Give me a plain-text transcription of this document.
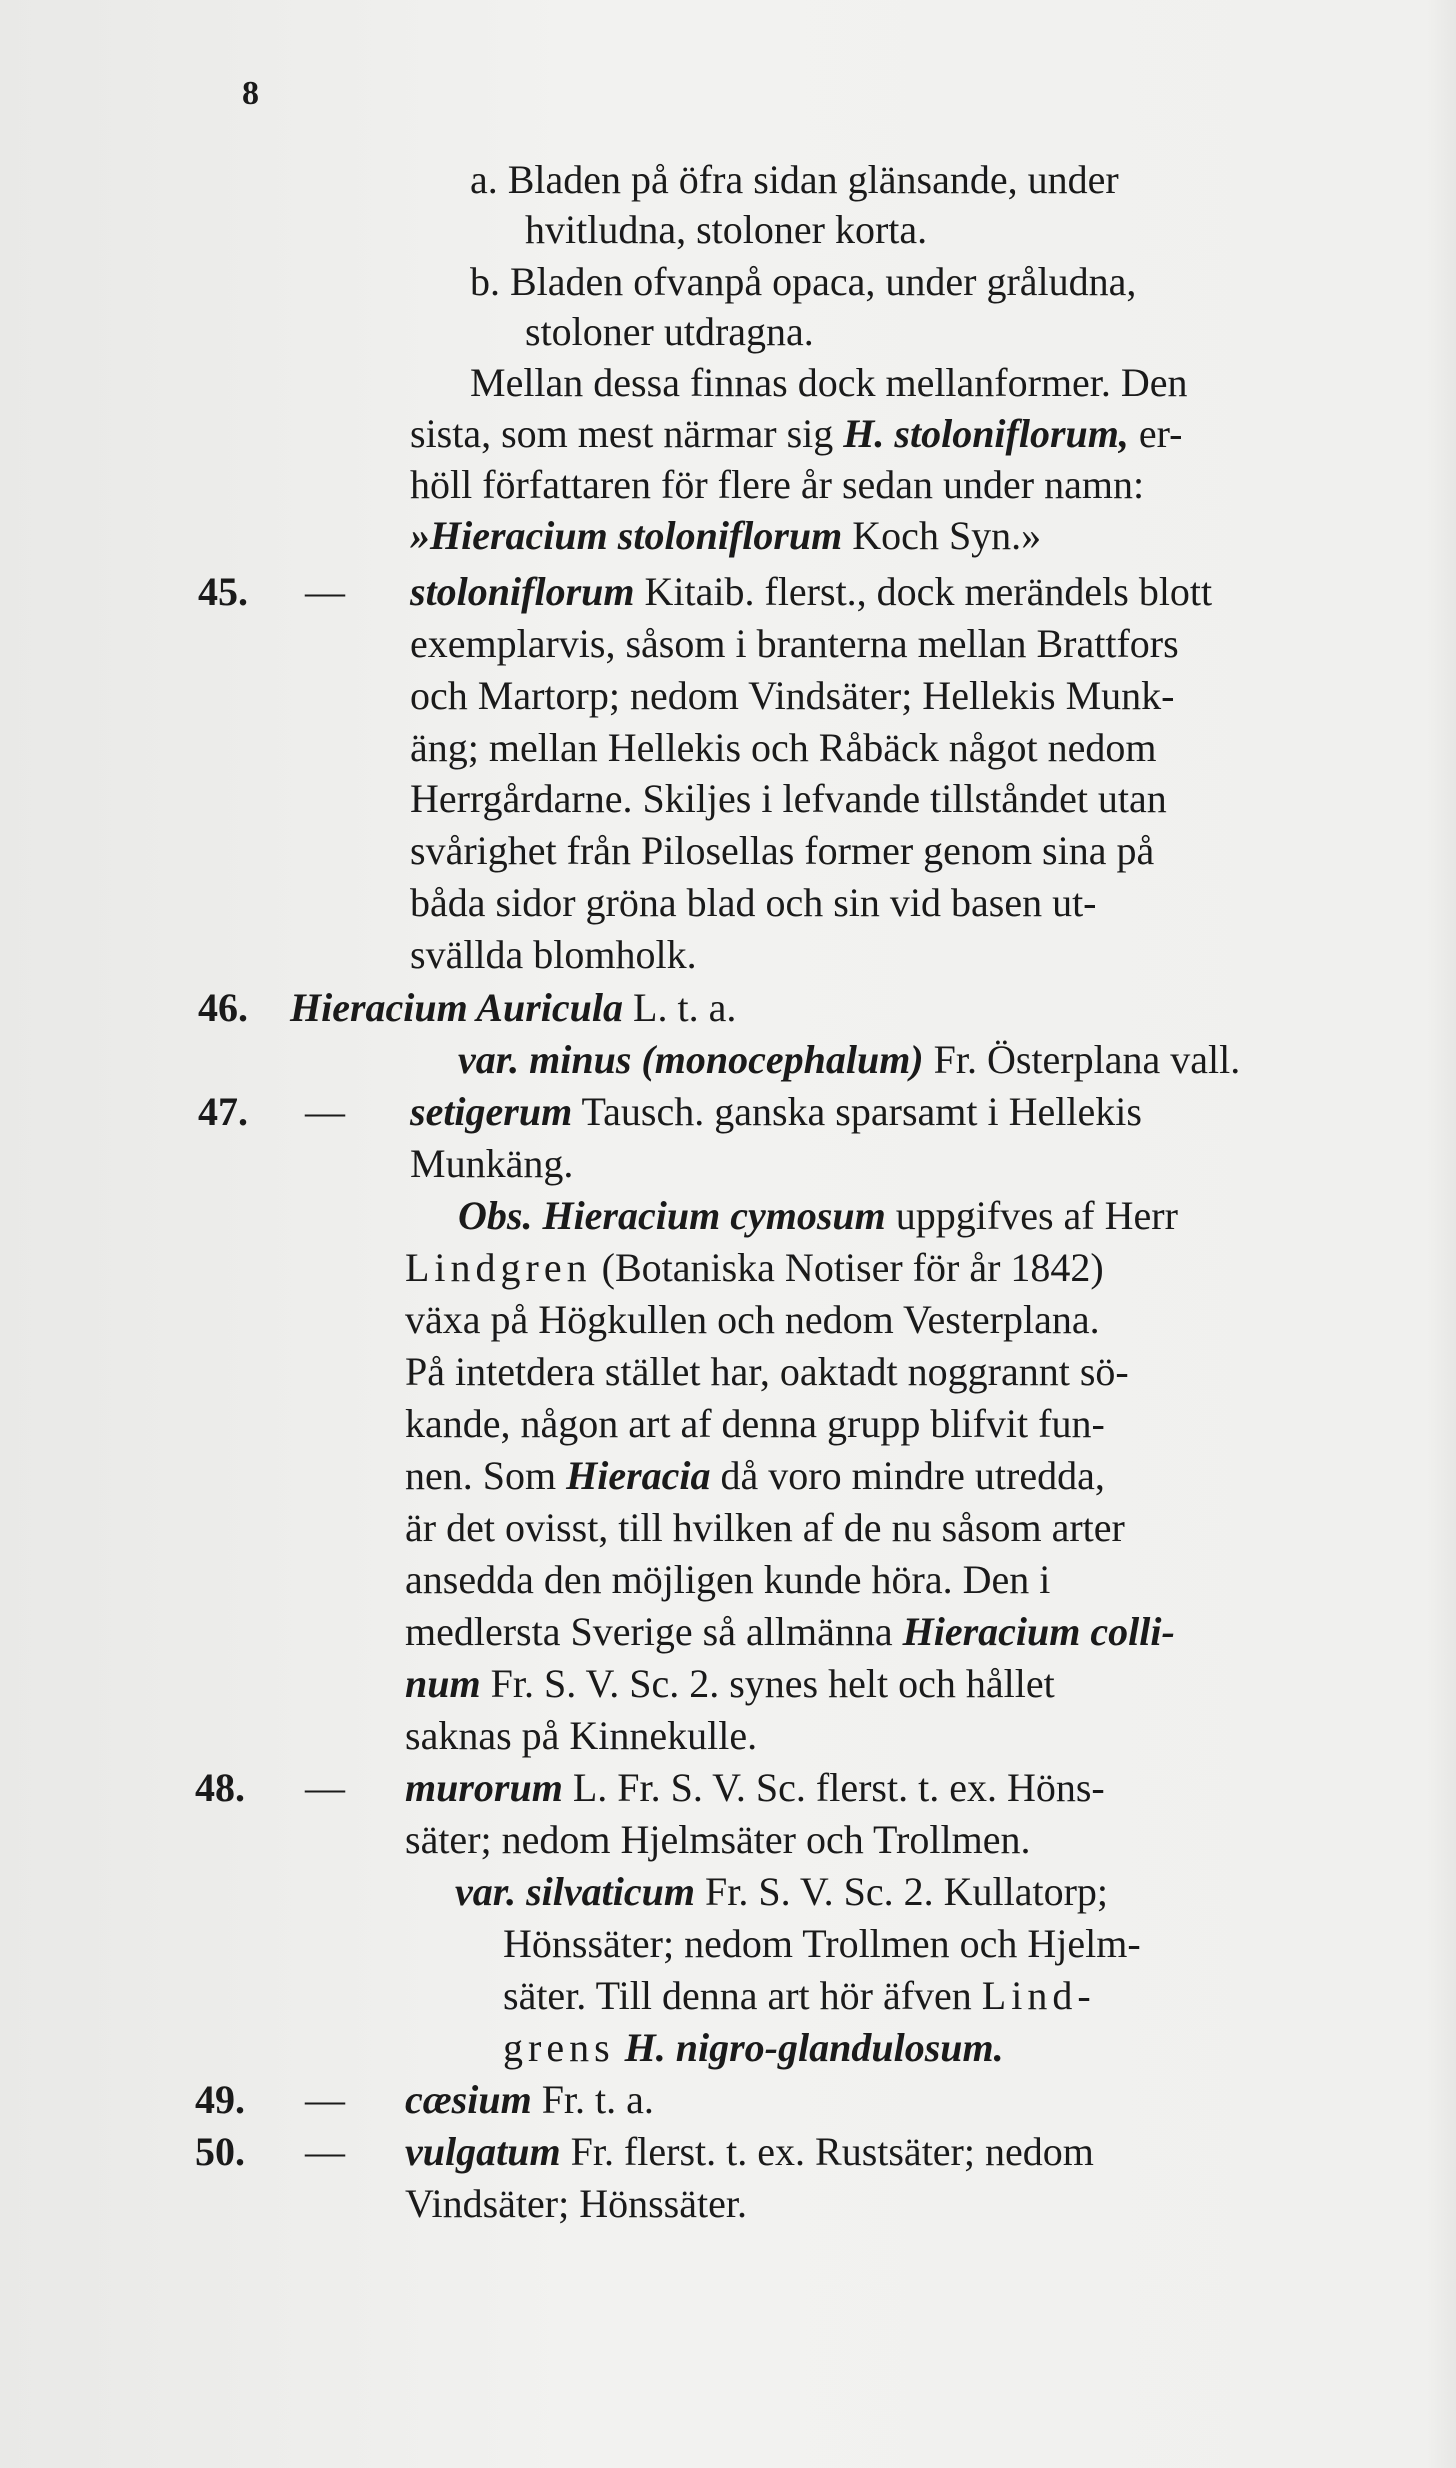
8
a. Bladen på öfra sidan glänsande, under
hvitludna, stoloner korta.
b. Bladen ofvanpå opaca, under gråludna,
stoloner utdragna.
Mellan dessa finnas dock mellanformer. Den
sista, som mest närmar sig H. stoloniflorum, er-
höll författaren för flere år sedan under namn:
»Hieracium stoloniflorum Koch Syn.»
45. — stoloniflorum Kitaib. flerst., dock merändels blott
exemplarvis, såsom i branterna mellan Brattfors
och Martorp; nedom Vindsäter; Hellekis Munk-
äng; mellan Hellekis och Råbäck något nedom
Herrgårdarne. Skiljes i lefvande tillståndet utan
svårighet från Pilosellas former genom sina på
båda sidor gröna blad och sin vid basen ut-
svällda blomholk.
46. Hieracium Auricula L. t. a.
var. minus (monocephalum) Fr. Österplana vall.
47. — setigerum Tausch. ganska sparsamt i Hellekis
Munkäng.
Obs. Hieracium cymosum uppgifves af Herr
Lindgren (Botaniska Notiser för år 1842)
växa på Högkullen och nedom Vesterplana.
På intetdera stället har, oaktadt noggrannt sö-
kande, någon art af denna grupp blifvit fun-
nen. Som Hieracia då voro mindre utredda,
är det ovisst, till hvilken af de nu såsom arter
ansedda den möjligen kunde höra. Den i
medlersta Sverige så allmänna Hieracium colli-
num Fr. S. V. Sc. 2. synes helt och hållet
saknas på Kinnekulle.
48. — murorum L. Fr. S. V. Sc. flerst. t. ex. Höns-
säter; nedom Hjelmsäter och Trollmen.
var. silvaticum Fr. S. V. Sc. 2. Kullatorp;
Hönssäter; nedom Trollmen och Hjelm-
säter. Till denna art hör äfven Lind-
grens H. nigro-glandulosum.
49. — cæsium Fr. t. a.
50. — vulgatum Fr. flerst. t. ex. Rustsäter; nedom
Vindsäter; Hönssäter.
